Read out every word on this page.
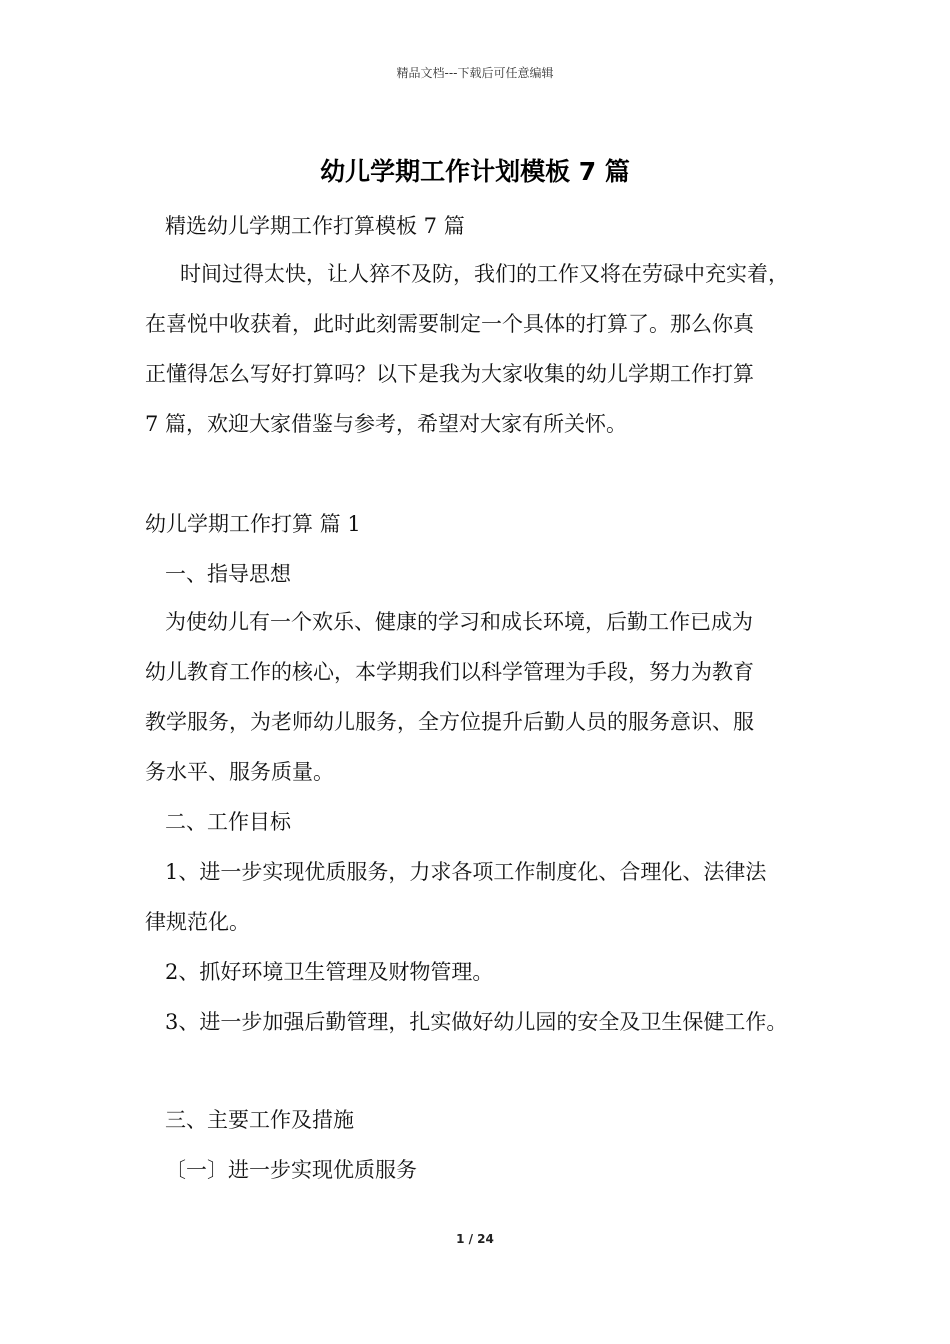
精品文档---下载后可任意编辑
幼儿学期工作计划模板 7 篇
精选幼儿学期工作打算模板 7 篇
时间过得太快，让人猝不及防，我们的工作又将在劳碌中充实着，
在喜悦中收获着，此时此刻需要制定一个具体的打算了。那么你真
正懂得怎么写好打算吗？以下是我为大家收集的幼儿学期工作打算
7 篇，欢迎大家借鉴与参考，希望对大家有所关怀。
幼儿学期工作打算 篇 1
一、指导思想
为使幼儿有一个欢乐、健康的学习和成长环境，后勤工作已成为
幼儿教育工作的核心，本学期我们以科学管理为手段，努力为教育
教学服务，为老师幼儿服务，全方位提升后勤人员的服务意识、服
务水平、服务质量。
二、工作目标
1、进一步实现优质服务，力求各项工作制度化、合理化、法律法
律规范化。
2、抓好环境卫生管理及财物管理。
3、进一步加强后勤管理，扎实做好幼儿园的安全及卫生保健工作。
三、主要工作及措施
〔一〕进一步实现优质服务
1 / 24
